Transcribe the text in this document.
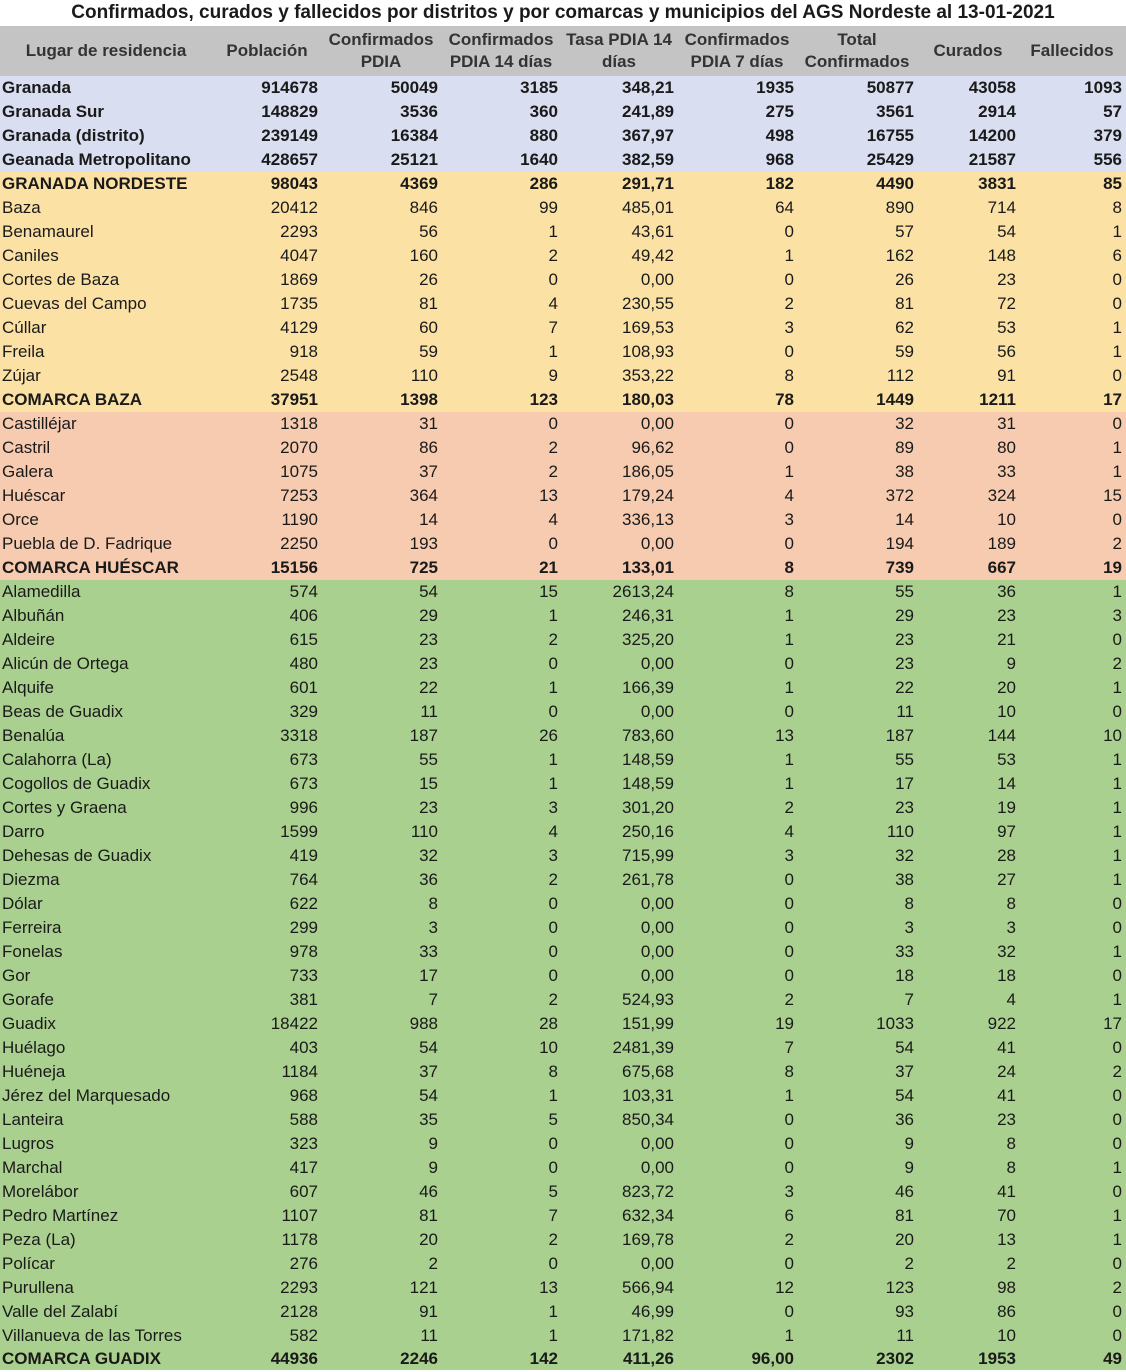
Confirmados, curados y fallecidos por distritos y por comarcas y municipios del AGS Nordeste al 13-01-2021
Lugar de residencia	Población	Confirmados PDIA	Confirmados PDIA 14 días	Tasa PDIA 14 días	Confirmados PDIA 7 días	Total Confirmados	Curados	Fallecidos
Granada	914678	50049	3185	348,21	1935	50877	43058	1093
Granada Sur	148829	3536	360	241,89	275	3561	2914	57
Granada (distrito)	239149	16384	880	367,97	498	16755	14200	379
Geanada Metropolitano	428657	25121	1640	382,59	968	25429	21587	556
GRANADA NORDESTE	98043	4369	286	291,71	182	4490	3831	85
Baza	20412	846	99	485,01	64	890	714	8
Benamaurel	2293	56	1	43,61	0	57	54	1
Caniles	4047	160	2	49,42	1	162	148	6
Cortes de Baza	1869	26	0	0,00	0	26	23	0
Cuevas del Campo	1735	81	4	230,55	2	81	72	0
Cúllar	4129	60	7	169,53	3	62	53	1
Freila	918	59	1	108,93	0	59	56	1
Zújar	2548	110	9	353,22	8	112	91	0
COMARCA BAZA	37951	1398	123	180,03	78	1449	1211	17
Castilléjar	1318	31	0	0,00	0	32	31	0
Castril	2070	86	2	96,62	0	89	80	1
Galera	1075	37	2	186,05	1	38	33	1
Huéscar	7253	364	13	179,24	4	372	324	15
Orce	1190	14	4	336,13	3	14	10	0
Puebla de D. Fadrique	2250	193	0	0,00	0	194	189	2
COMARCA HUÉSCAR	15156	725	21	133,01	8	739	667	19
Alamedilla	574	54	15	2613,24	8	55	36	1
Albuñán	406	29	1	246,31	1	29	23	3
Aldeire	615	23	2	325,20	1	23	21	0
Alicún de Ortega	480	23	0	0,00	0	23	9	2
Alquife	601	22	1	166,39	1	22	20	1
Beas de Guadix	329	11	0	0,00	0	11	10	0
Benalúa	3318	187	26	783,60	13	187	144	10
Calahorra (La)	673	55	1	148,59	1	55	53	1
Cogollos de Guadix	673	15	1	148,59	1	17	14	1
Cortes y Graena	996	23	3	301,20	2	23	19	1
Darro	1599	110	4	250,16	4	110	97	1
Dehesas de Guadix	419	32	3	715,99	3	32	28	1
Diezma	764	36	2	261,78	0	38	27	1
Dólar	622	8	0	0,00	0	8	8	0
Ferreira	299	3	0	0,00	0	3	3	0
Fonelas	978	33	0	0,00	0	33	32	1
Gor	733	17	0	0,00	0	18	18	0
Gorafe	381	7	2	524,93	2	7	4	1
Guadix	18422	988	28	151,99	19	1033	922	17
Huélago	403	54	10	2481,39	7	54	41	0
Huéneja	1184	37	8	675,68	8	37	24	2
Jérez del Marquesado	968	54	1	103,31	1	54	41	0
Lanteira	588	35	5	850,34	0	36	23	0
Lugros	323	9	0	0,00	0	9	8	0
Marchal	417	9	0	0,00	0	9	8	1
Morelábor	607	46	5	823,72	3	46	41	0
Pedro Martínez	1107	81	7	632,34	6	81	70	1
Peza (La)	1178	20	2	169,78	2	20	13	1
Polícar	276	2	0	0,00	0	2	2	0
Purullena	2293	121	13	566,94	12	123	98	2
Valle del Zalabí	2128	91	1	46,99	0	93	86	0
Villanueva de las Torres	582	11	1	171,82	1	11	10	0
COMARCA GUADIX	44936	2246	142	411,26	96,00	2302	1953	49
